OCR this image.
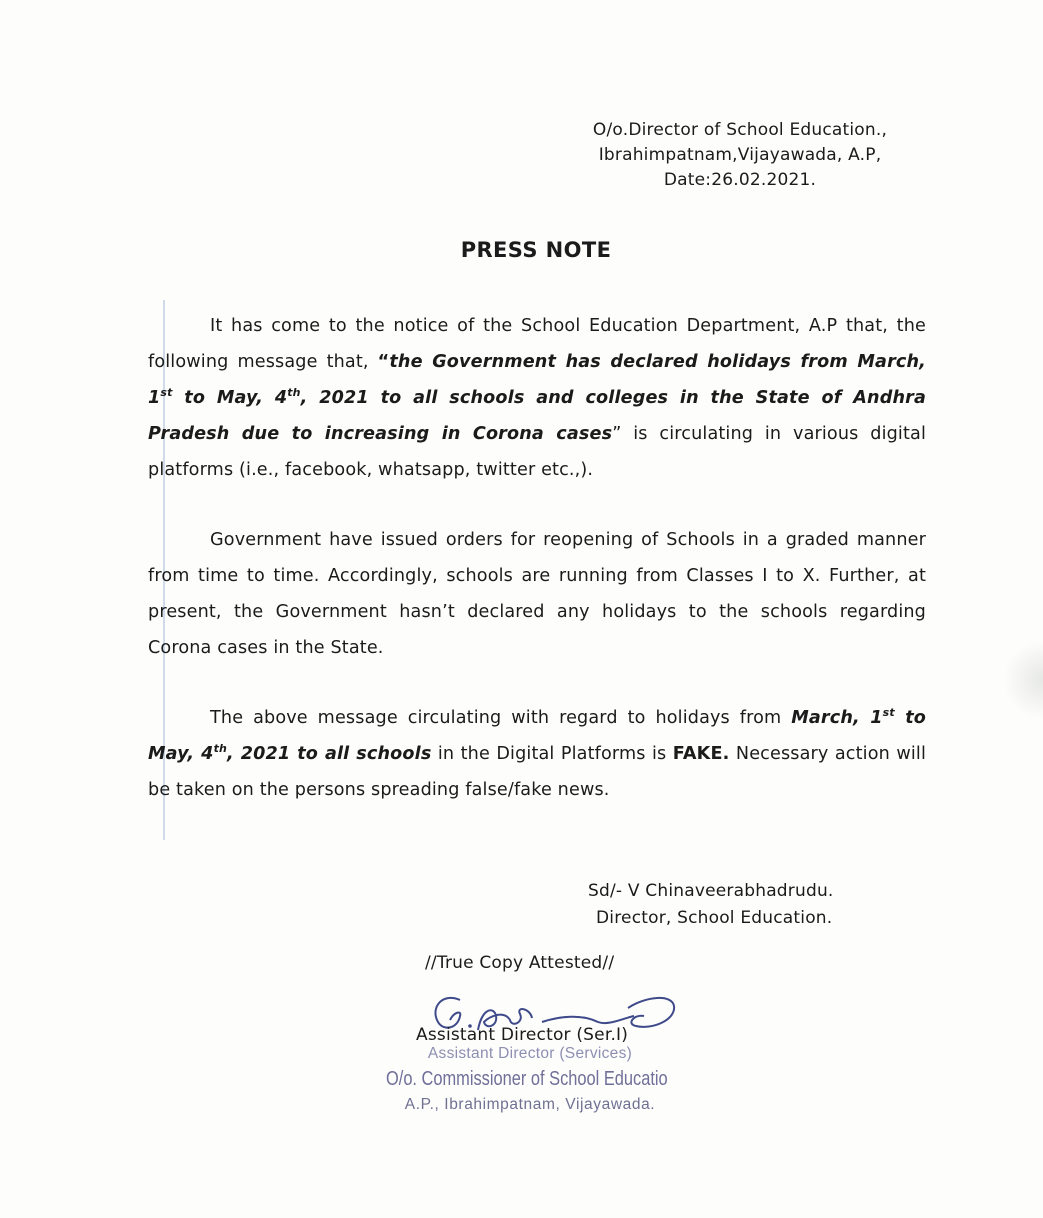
O/o.Director of School Education.,
Ibrahimpatnam,Vijayawada, A.P,
Date:26.02.2021.
PRESS NOTE
It has come to the notice of the School Education Department, A.P that, the following message that, “the Government has declared holidays from March, 1st to May, 4th, 2021 to all schools and colleges in the State of Andhra Pradesh due to increasing in Corona cases” is circulating in various digital platforms (i.e., facebook, whatsapp, twitter etc.,).
Government have issued orders for reopening of Schools in a graded manner from time to time. Accordingly, schools are running from Classes I to X. Further, at present, the Government hasn’t declared any holidays to the schools regarding Corona cases in the State.
The above message circulating with regard to holidays from March, 1st to May, 4th, 2021 to all schools in the Digital Platforms is FAKE. Necessary action will be taken on the persons spreading false/fake news.
Sd/- V Chinaveerabhadrudu.
Director, School Education.
//True Copy Attested//
Assistant Director (Ser.I)
Assistant Director (Services)
O/o. Commissioner of School Educatio
A.P., Ibrahimpatnam, Vijayawada.
